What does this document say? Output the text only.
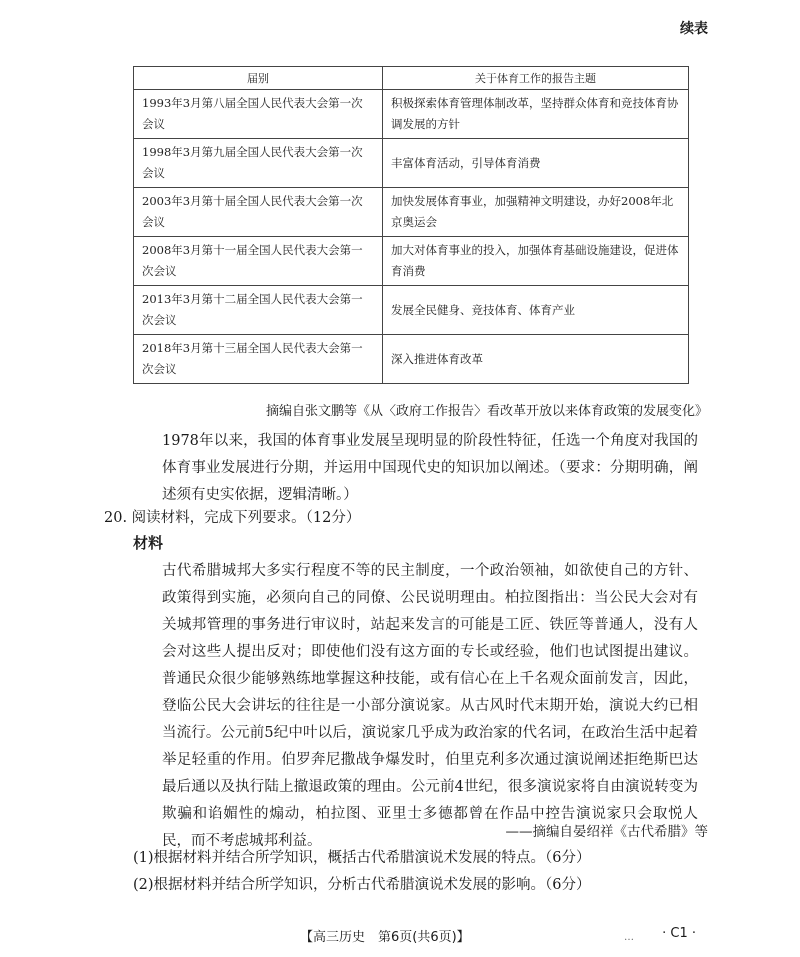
续表
届别	关于体育工作的报告主题
1993年3月第八届全国人民代表大会第一次会议	积极探索体育管理体制改革，坚持群众体育和竞技体育协调发展的方针
1998年3月第九届全国人民代表大会第一次会议	丰富体育活动，引导体育消费
2003年3月第十届全国人民代表大会第一次会议	加快发展体育事业，加强精神文明建设，办好2008年北京奥运会
2008年3月第十一届全国人民代表大会第一次会议	加大对体育事业的投入，加强体育基础设施建设，促进体育消费
2013年3月第十二届全国人民代表大会第一次会议	发展全民健身、竞技体育、体育产业
2018年3月第十三届全国人民代表大会第一次会议	深入推进体育改革
摘编自张文鹏等《从〈政府工作报告〉看改革开放以来体育政策的发展变化》
1978年以来，我国的体育事业发展呈现明显的阶段性特征，任选一个角度对我国的体育事业发展进行分期，并运用中国现代史的知识加以阐述。（要求：分期明确，阐述须有史实依据，逻辑清晰。）
20. 阅读材料，完成下列要求。（12分）
材料
古代希腊城邦大多实行程度不等的民主制度，一个政治领袖，如欲使自己的方针、政策得到实施，必须向自己的同僚、公民说明理由。柏拉图指出：当公民大会对有关城邦管理的事务进行审议时，站起来发言的可能是工匠、铁匠等普通人，没有人会对这些人提出反对；即使他们没有这方面的专长或经验，他们也试图提出建议。普通民众很少能够熟练地掌握这种技能，或有信心在上千名观众面前发言，因此，登临公民大会讲坛的往往是一小部分演说家。从古风时代末期开始，演说大约已相当流行。公元前5纪中叶以后，演说家几乎成为政治家的代名词，在政治生活中起着举足轻重的作用。伯罗奔尼撒战争爆发时，伯里克利多次通过演说阐述拒绝斯巴达最后通以及执行陆上撤退政策的理由。公元前4世纪，很多演说家将自由演说转变为欺骗和谄媚性的煽动，柏拉图、亚里士多德都曾在作品中控告演说家只会取悦人民，而不考虑城邦利益。
——摘编自晏绍祥《古代希腊》等
(1)根据材料并结合所学知识，概括古代希腊演说术发展的特点。（6分）
(2)根据材料并结合所学知识，分析古代希腊演说术发展的影响。（6分）
【高三历史　第6页(共6页)】	… · C1 ·
